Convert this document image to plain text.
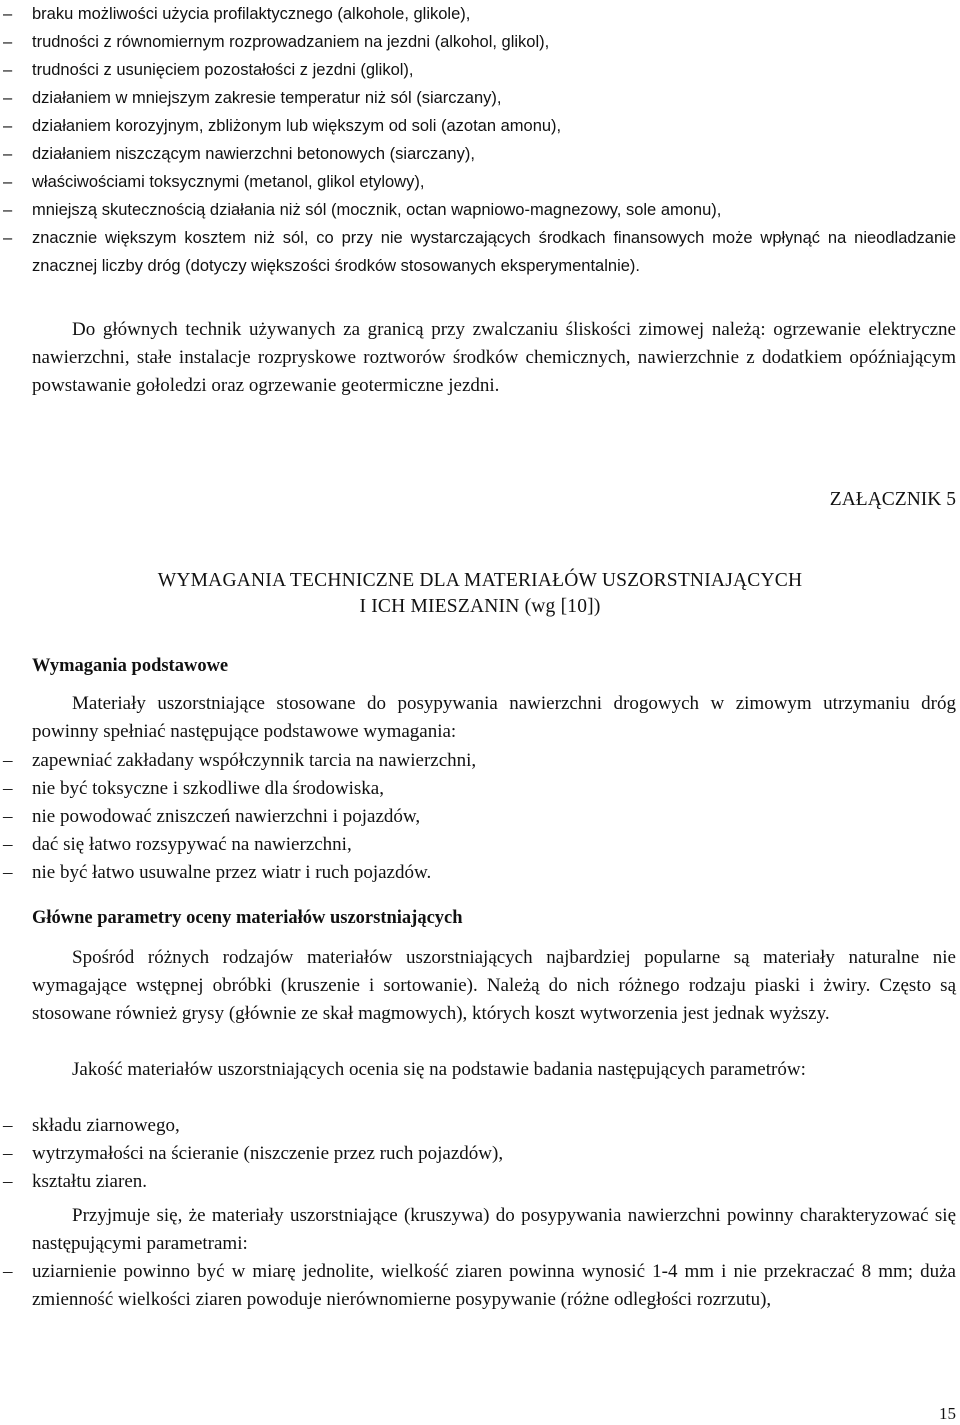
–
braku możliwości użycia profilaktycznego (alkohole, glikole),
–
trudności z równomiernym rozprowadzaniem na jezdni (alkohol, glikol),
–
trudności z usunięciem pozostałości z jezdni (glikol),
–
działaniem w mniejszym zakresie temperatur niż sól (siarczany),
–
działaniem korozyjnym, zbliżonym lub większym od soli (azotan amonu),
–
działaniem niszczącym nawierzchni betonowych (siarczany),
–
właściwościami toksycznymi (metanol, glikol etylowy),
–
mniejszą skutecznością działania niż sól (mocznik, octan wapniowo-magnezowy, sole amonu),
–
znacznie większym kosztem niż sól, co przy nie wystarczających środkach finansowych może wpłynąć na nieodladzanie znacznej liczby dróg (dotyczy większości środków stosowanych eksperymentalnie).

Do głównych technik używanych za granicą przy zwalczaniu śliskości zimowej należą: ogrzewanie elektryczne nawierzchni, stałe instalacje rozpryskowe roztworów środków chemicznych, nawierzchnie z dodatkiem opóźniającym powstawanie gołoledzi oraz ogrzewanie geotermiczne jezdni.

ZAŁĄCZNIK 5
WYMAGANIA TECHNICZNE DLA MATERIAŁÓW USZORSTNIAJĄCYCH
I ICH MIESZANIN (wg [10])
Wymagania podstawowe

Materiały uszorstniające stosowane do posypywania nawierzchni drogowych w zimowym utrzymaniu dróg powinny spełniać następujące podstawowe wymagania:

–
zapewniać zakładany współczynnik tarcia na nawierzchni,
–
nie być toksyczne i szkodliwe dla środowiska,
–
nie powodować zniszczeń nawierzchni i pojazdów,
–
dać się łatwo rozsypywać na nawierzchni,
–
nie być łatwo usuwalne przez wiatr i ruch pojazdów.
Główne parametry oceny materiałów uszorstniających

Spośród różnych rodzajów materiałów uszorstniających najbardziej popularne są materiały naturalne nie wymagające wstępnej obróbki (kruszenie i sortowanie). Należą do nich różnego rodzaju piaski i żwiry. Często są stosowane również grysy (głównie ze skał magmowych), których koszt wytworzenia jest jednak wyższy.

Jakość materiałów uszorstniających ocenia się na podstawie badania następujących parametrów:

–
składu ziarnowego,
–
wytrzymałości na ścieranie (niszczenie przez ruch pojazdów),
–
kształtu ziaren.

Przyjmuje się, że materiały uszorstniające (kruszywa) do posypywania nawierzchni powinny charakteryzować się następującymi parametrami:

–
uziarnienie powinno być w miarę jednolite, wielkość ziaren powinna wynosić 1-4 mm i nie przekraczać 8 mm; duża zmienność wielkości ziaren powoduje nierównomierne posypywanie (różne odległości rozrzutu),
15
